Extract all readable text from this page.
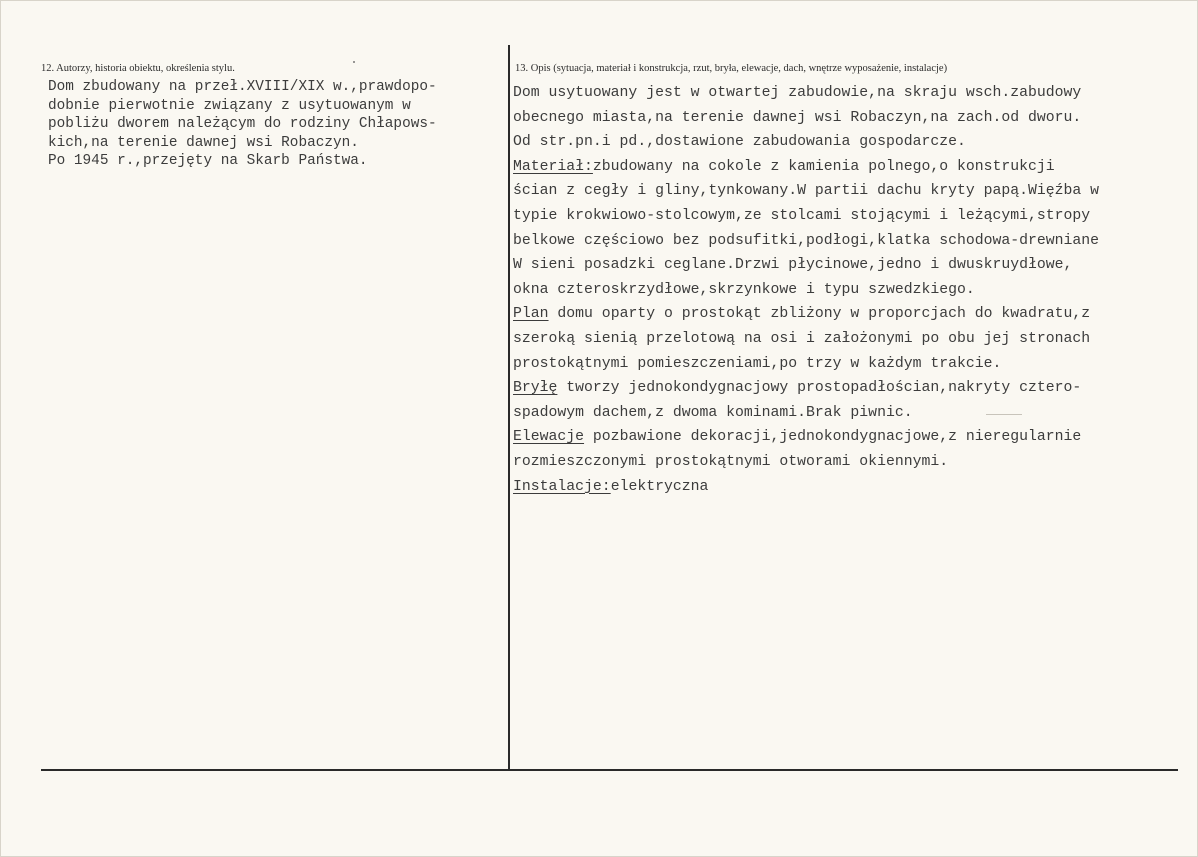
12. Autorzy, historia obiektu, określenia stylu.
Dom zbudowany na przeł.XVIII/XIX w.,prawdopo-
dobnie pierwotnie związany z usytuowanym w
pobliżu dworem należącym do rodziny Chłapows-
kich,na terenie dawnej wsi Robaczyn.
Po 1945 r.,przejęty na Skarb Państwa.
13. Opis (sytuacja, materiał i konstrukcja, rzut, bryła, elewacje, dach, wnętrze wyposażenie, instalacje)
Dom usytuowany jest w otwartej zabudowie,na skraju wsch.zabudowy
obecnego miasta,na terenie dawnej wsi Robaczyn,na zach.od dworu.
Od str.pn.i pd.,dostawione zabudowania gospodarcze.
Materiał:zbudowany na cokole z kamienia polnego,o konstrukcji
ścian z cegły i gliny,tynkowany.W partii dachu kryty papą.Więźba w
typie krokwiowo-stolcowym,ze stolcami stojącymi i leżącymi,stropy
belkowe częściowo bez podsufitki,podłogi,klatka schodowa-drewniane
W sieni posadzki ceglane.Drzwi płycinowe,jedno i dwuskruydłowe,
okna czteroskrzydłowe,skrzynkowe i typu szwedzkiego.
Plan domu oparty o prostokąt zbliżony w proporcjach do kwadratu,z
szeroką sienią przelotową na osi i założonymi po obu jej stronach
prostokątnymi pomieszczeniami,po trzy w każdym trakcie.
Bryłę tworzy jednokondygnacjowy prostopadłościan,nakryty cztero-
spadowym dachem,z dwoma kominami.Brak piwnic.
Elewacje pozbawione dekoracji,jednokondygnacjowe,z nieregularnie
rozmieszczonymi prostokątnymi otworami okiennymi.
Instalacje:elektryczna
